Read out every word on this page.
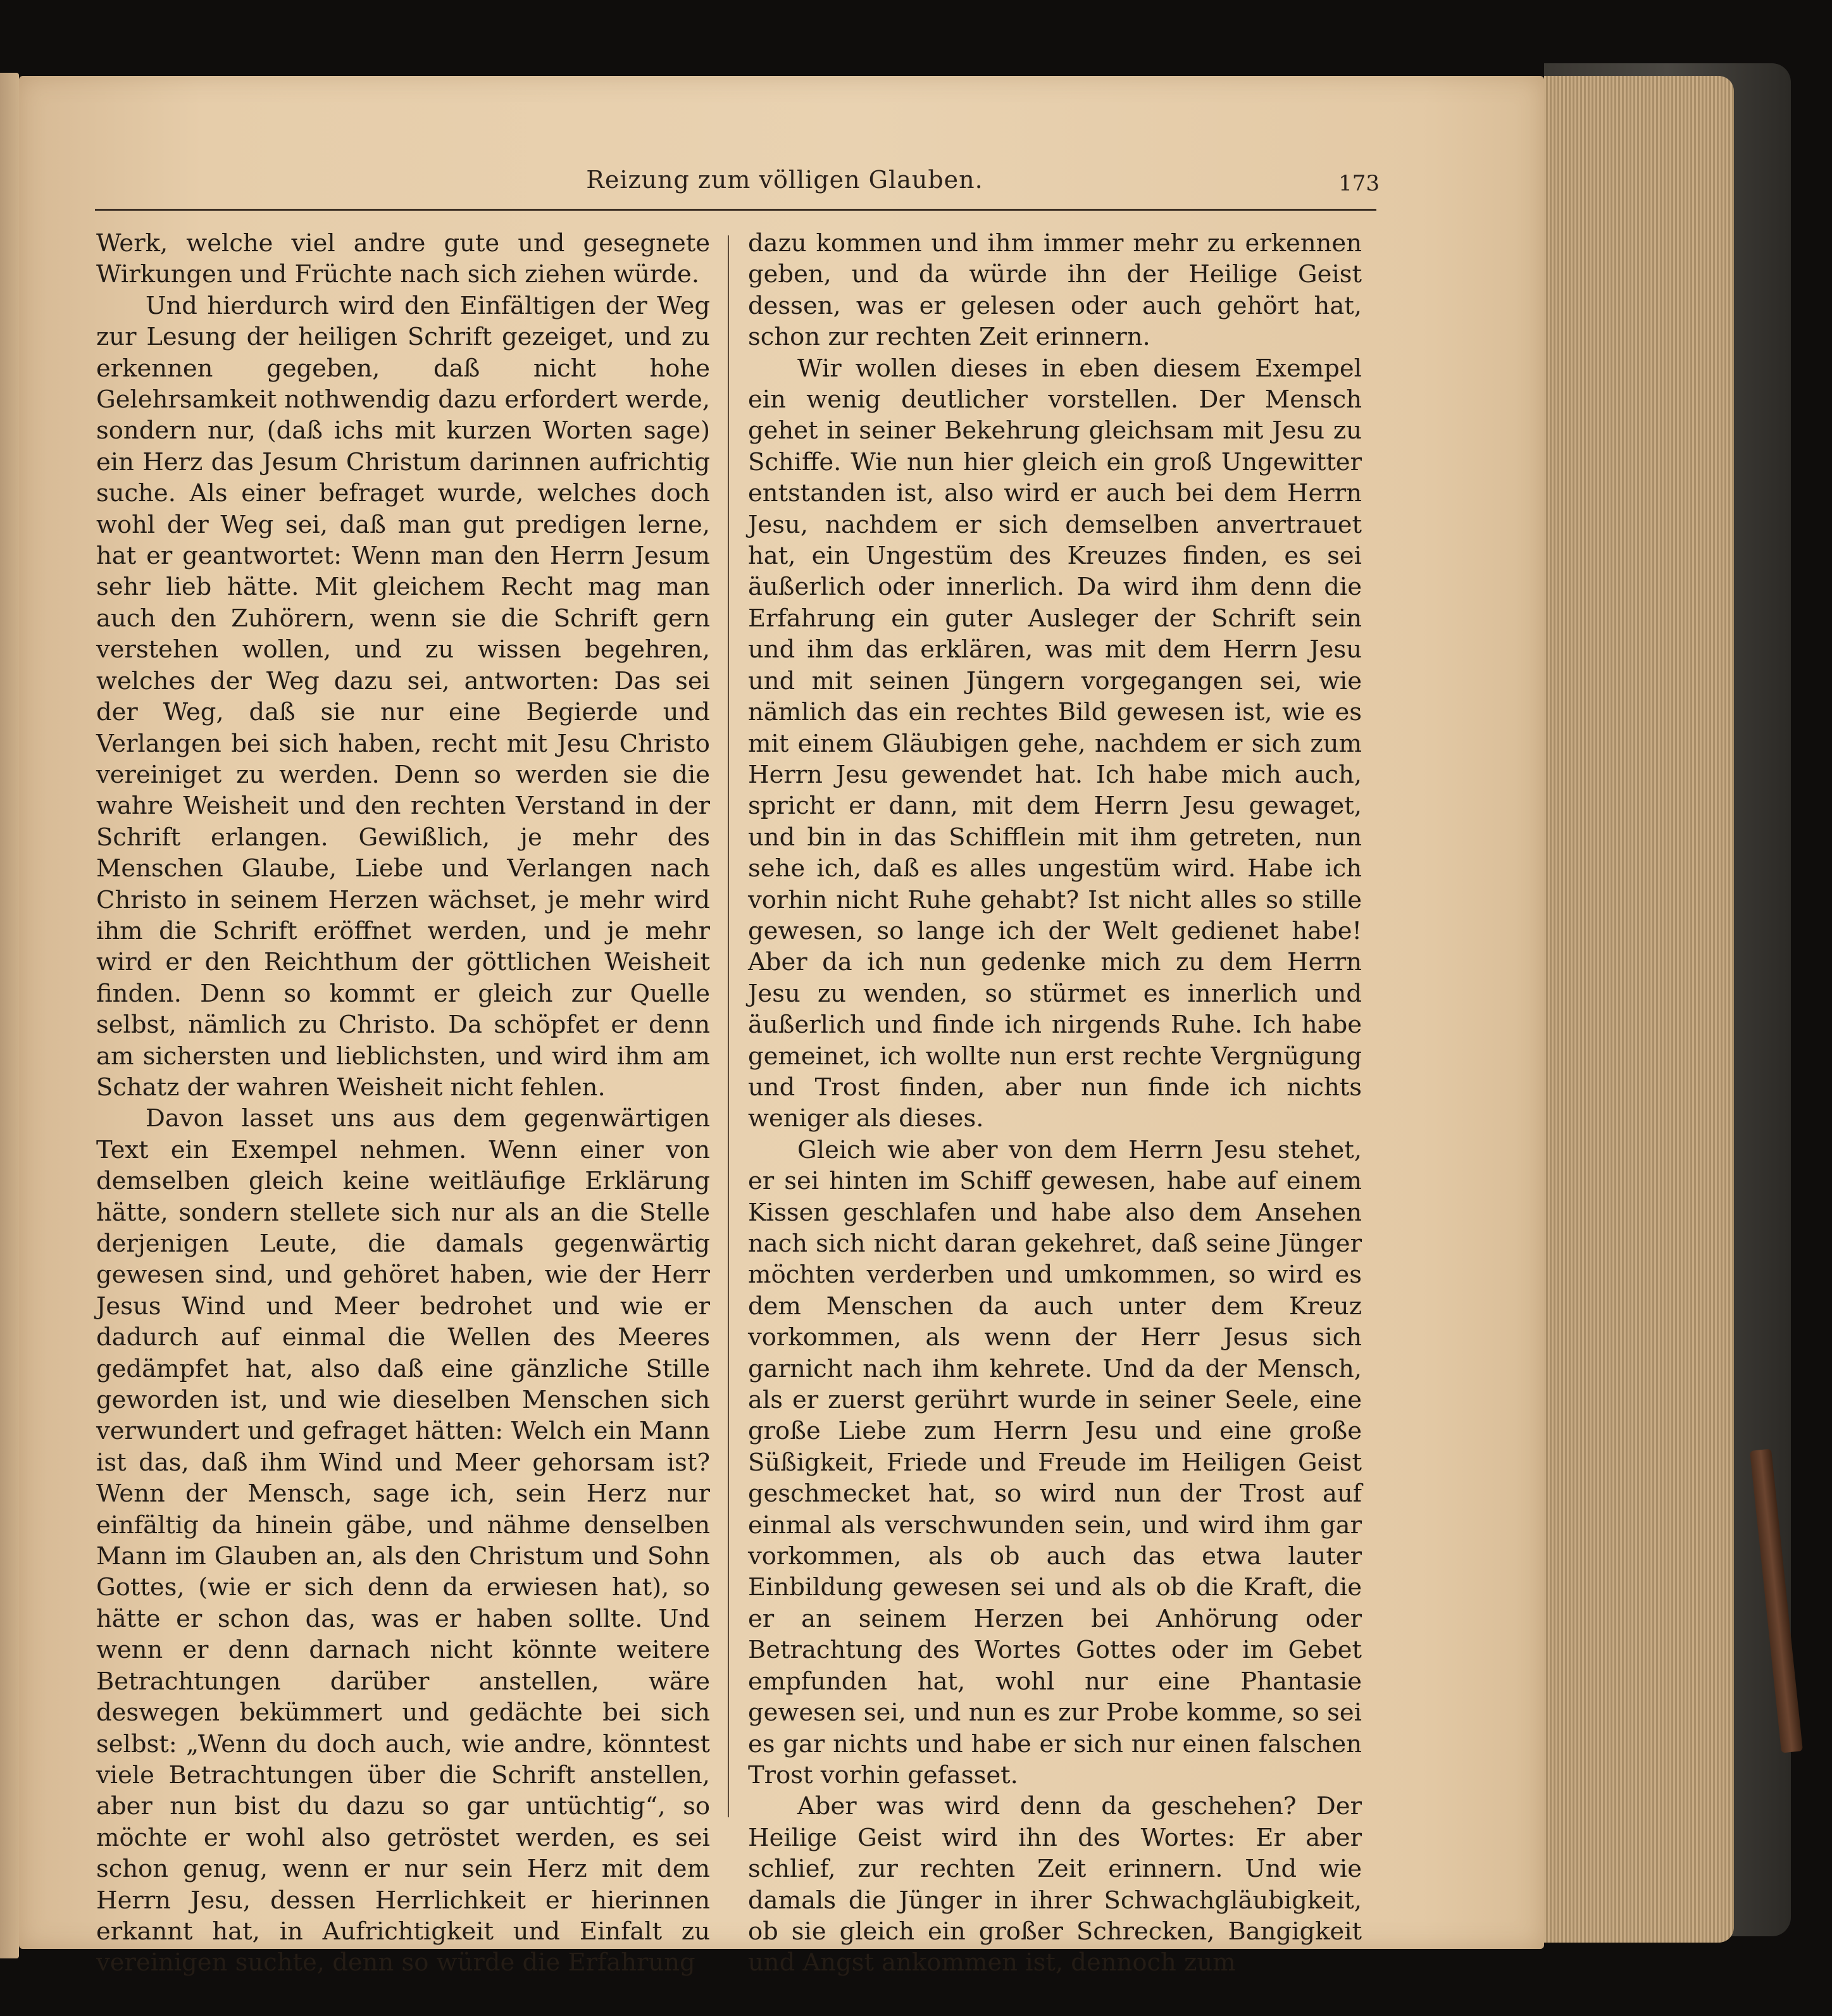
Reizung zum völligen Glauben.	173

Werk, welche viel andre gute und gesegnete Wirkungen und Früchte nach sich ziehen würde.

Und hierdurch wird den Einfältigen der Weg zur Lesung der heiligen Schrift gezeiget, und zu erkennen gegeben, daß nicht hohe Gelehrsamkeit nothwendig dazu erfordert werde, sondern nur, (daß ichs mit kurzen Worten sage) ein Herz das Jesum Christum darinnen aufrichtig suche. Als einer befraget wurde, welches doch wohl der Weg sei, daß man gut predigen lerne, hat er geantwortet: Wenn man den Herrn Jesum sehr lieb hätte. Mit gleichem Recht mag man auch den Zuhörern, wenn sie die Schrift gern verstehen wollen, und zu wissen begehren, welches der Weg dazu sei, antworten: Das sei der Weg, daß sie nur eine Begierde und Verlangen bei sich haben, recht mit Jesu Christo vereiniget zu werden. Denn so werden sie die wahre Weisheit und den rechten Verstand in der Schrift erlangen. Gewißlich, je mehr des Menschen Glaube, Liebe und Verlangen nach Christo in seinem Herzen wächset, je mehr wird ihm die Schrift eröffnet werden, und je mehr wird er den Reichthum der göttlichen Weisheit finden. Denn so kommt er gleich zur Quelle selbst, nämlich zu Christo. Da schöpfet er denn am sichersten und lieblichsten, und wird ihm am Schatz der wahren Weisheit nicht fehlen.

Davon lasset uns aus dem gegenwärtigen Text ein Exempel nehmen. Wenn einer von demselben gleich keine weitläufige Erklärung hätte, sondern stellete sich nur als an die Stelle derjenigen Leute, die damals gegenwärtig gewesen sind, und gehöret haben, wie der Herr Jesus Wind und Meer bedrohet und wie er dadurch auf einmal die Wellen des Meeres gedämpfet hat, also daß eine gänzliche Stille geworden ist, und wie dieselben Menschen sich verwundert und gefraget hätten: Welch ein Mann ist das, daß ihm Wind und Meer gehorsam ist? Wenn der Mensch, sage ich, sein Herz nur einfältig da hinein gäbe, und nähme denselben Mann im Glauben an, als den Christum und Sohn Gottes, (wie er sich denn da erwiesen hat), so hätte er schon das, was er haben sollte. Und wenn er denn darnach nicht könnte weitere Betrachtungen darüber anstellen, wäre deswegen bekümmert und gedächte bei sich selbst: „Wenn du doch auch, wie andre, könntest viele Betrachtungen über die Schrift anstellen, aber nun bist du dazu so gar untüchtig“, so möchte er wohl also getröstet werden, es sei schon genug, wenn er nur sein Herz mit dem Herrn Jesu, dessen Herrlichkeit er hierinnen erkannt hat, in Aufrichtigkeit und Einfalt zu vereinigen suchte, denn so würde die Erfahrung

dazu kommen und ihm immer mehr zu erkennen geben, und da würde ihn der Heilige Geist dessen, was er gelesen oder auch gehört hat, schon zur rechten Zeit erinnern.

Wir wollen dieses in eben diesem Exempel ein wenig deutlicher vorstellen. Der Mensch gehet in seiner Bekehrung gleichsam mit Jesu zu Schiffe. Wie nun hier gleich ein groß Ungewitter entstanden ist, also wird er auch bei dem Herrn Jesu, nachdem er sich demselben anvertrauet hat, ein Ungestüm des Kreuzes finden, es sei äußerlich oder innerlich. Da wird ihm denn die Erfahrung ein guter Ausleger der Schrift sein und ihm das erklären, was mit dem Herrn Jesu und mit seinen Jüngern vorgegangen sei, wie nämlich das ein rechtes Bild gewesen ist, wie es mit einem Gläubigen gehe, nachdem er sich zum Herrn Jesu gewendet hat. Ich habe mich auch, spricht er dann, mit dem Herrn Jesu gewaget, und bin in das Schifflein mit ihm getreten, nun sehe ich, daß es alles ungestüm wird. Habe ich vorhin nicht Ruhe gehabt? Ist nicht alles so stille gewesen, so lange ich der Welt gedienet habe! Aber da ich nun gedenke mich zu dem Herrn Jesu zu wenden, so stürmet es innerlich und äußerlich und finde ich nirgends Ruhe. Ich habe gemeinet, ich wollte nun erst rechte Vergnügung und Trost finden, aber nun finde ich nichts weniger als dieses.

Gleich wie aber von dem Herrn Jesu stehet, er sei hinten im Schiff gewesen, habe auf einem Kissen geschlafen und habe also dem Ansehen nach sich nicht daran gekehret, daß seine Jünger möchten verderben und umkommen, so wird es dem Menschen da auch unter dem Kreuz vorkommen, als wenn der Herr Jesus sich garnicht nach ihm kehrete. Und da der Mensch, als er zuerst gerührt wurde in seiner Seele, eine große Liebe zum Herrn Jesu und eine große Süßigkeit, Friede und Freude im Heiligen Geist geschmecket hat, so wird nun der Trost auf einmal als verschwunden sein, und wird ihm gar vorkommen, als ob auch das etwa lauter Einbildung gewesen sei und als ob die Kraft, die er an seinem Herzen bei Anhörung oder Betrachtung des Wortes Gottes oder im Gebet empfunden hat, wohl nur eine Phantasie gewesen sei, und nun es zur Probe komme, so sei es gar nichts und habe er sich nur einen falschen Trost vorhin gefasset.

Aber was wird denn da geschehen? Der Heilige Geist wird ihn des Wortes: Er aber schlief, zur rechten Zeit erinnern. Und wie damals die Jünger in ihrer Schwachgläubigkeit, ob sie gleich ein großer Schrecken, Bangigkeit und Angst ankommen ist, dennoch zum
